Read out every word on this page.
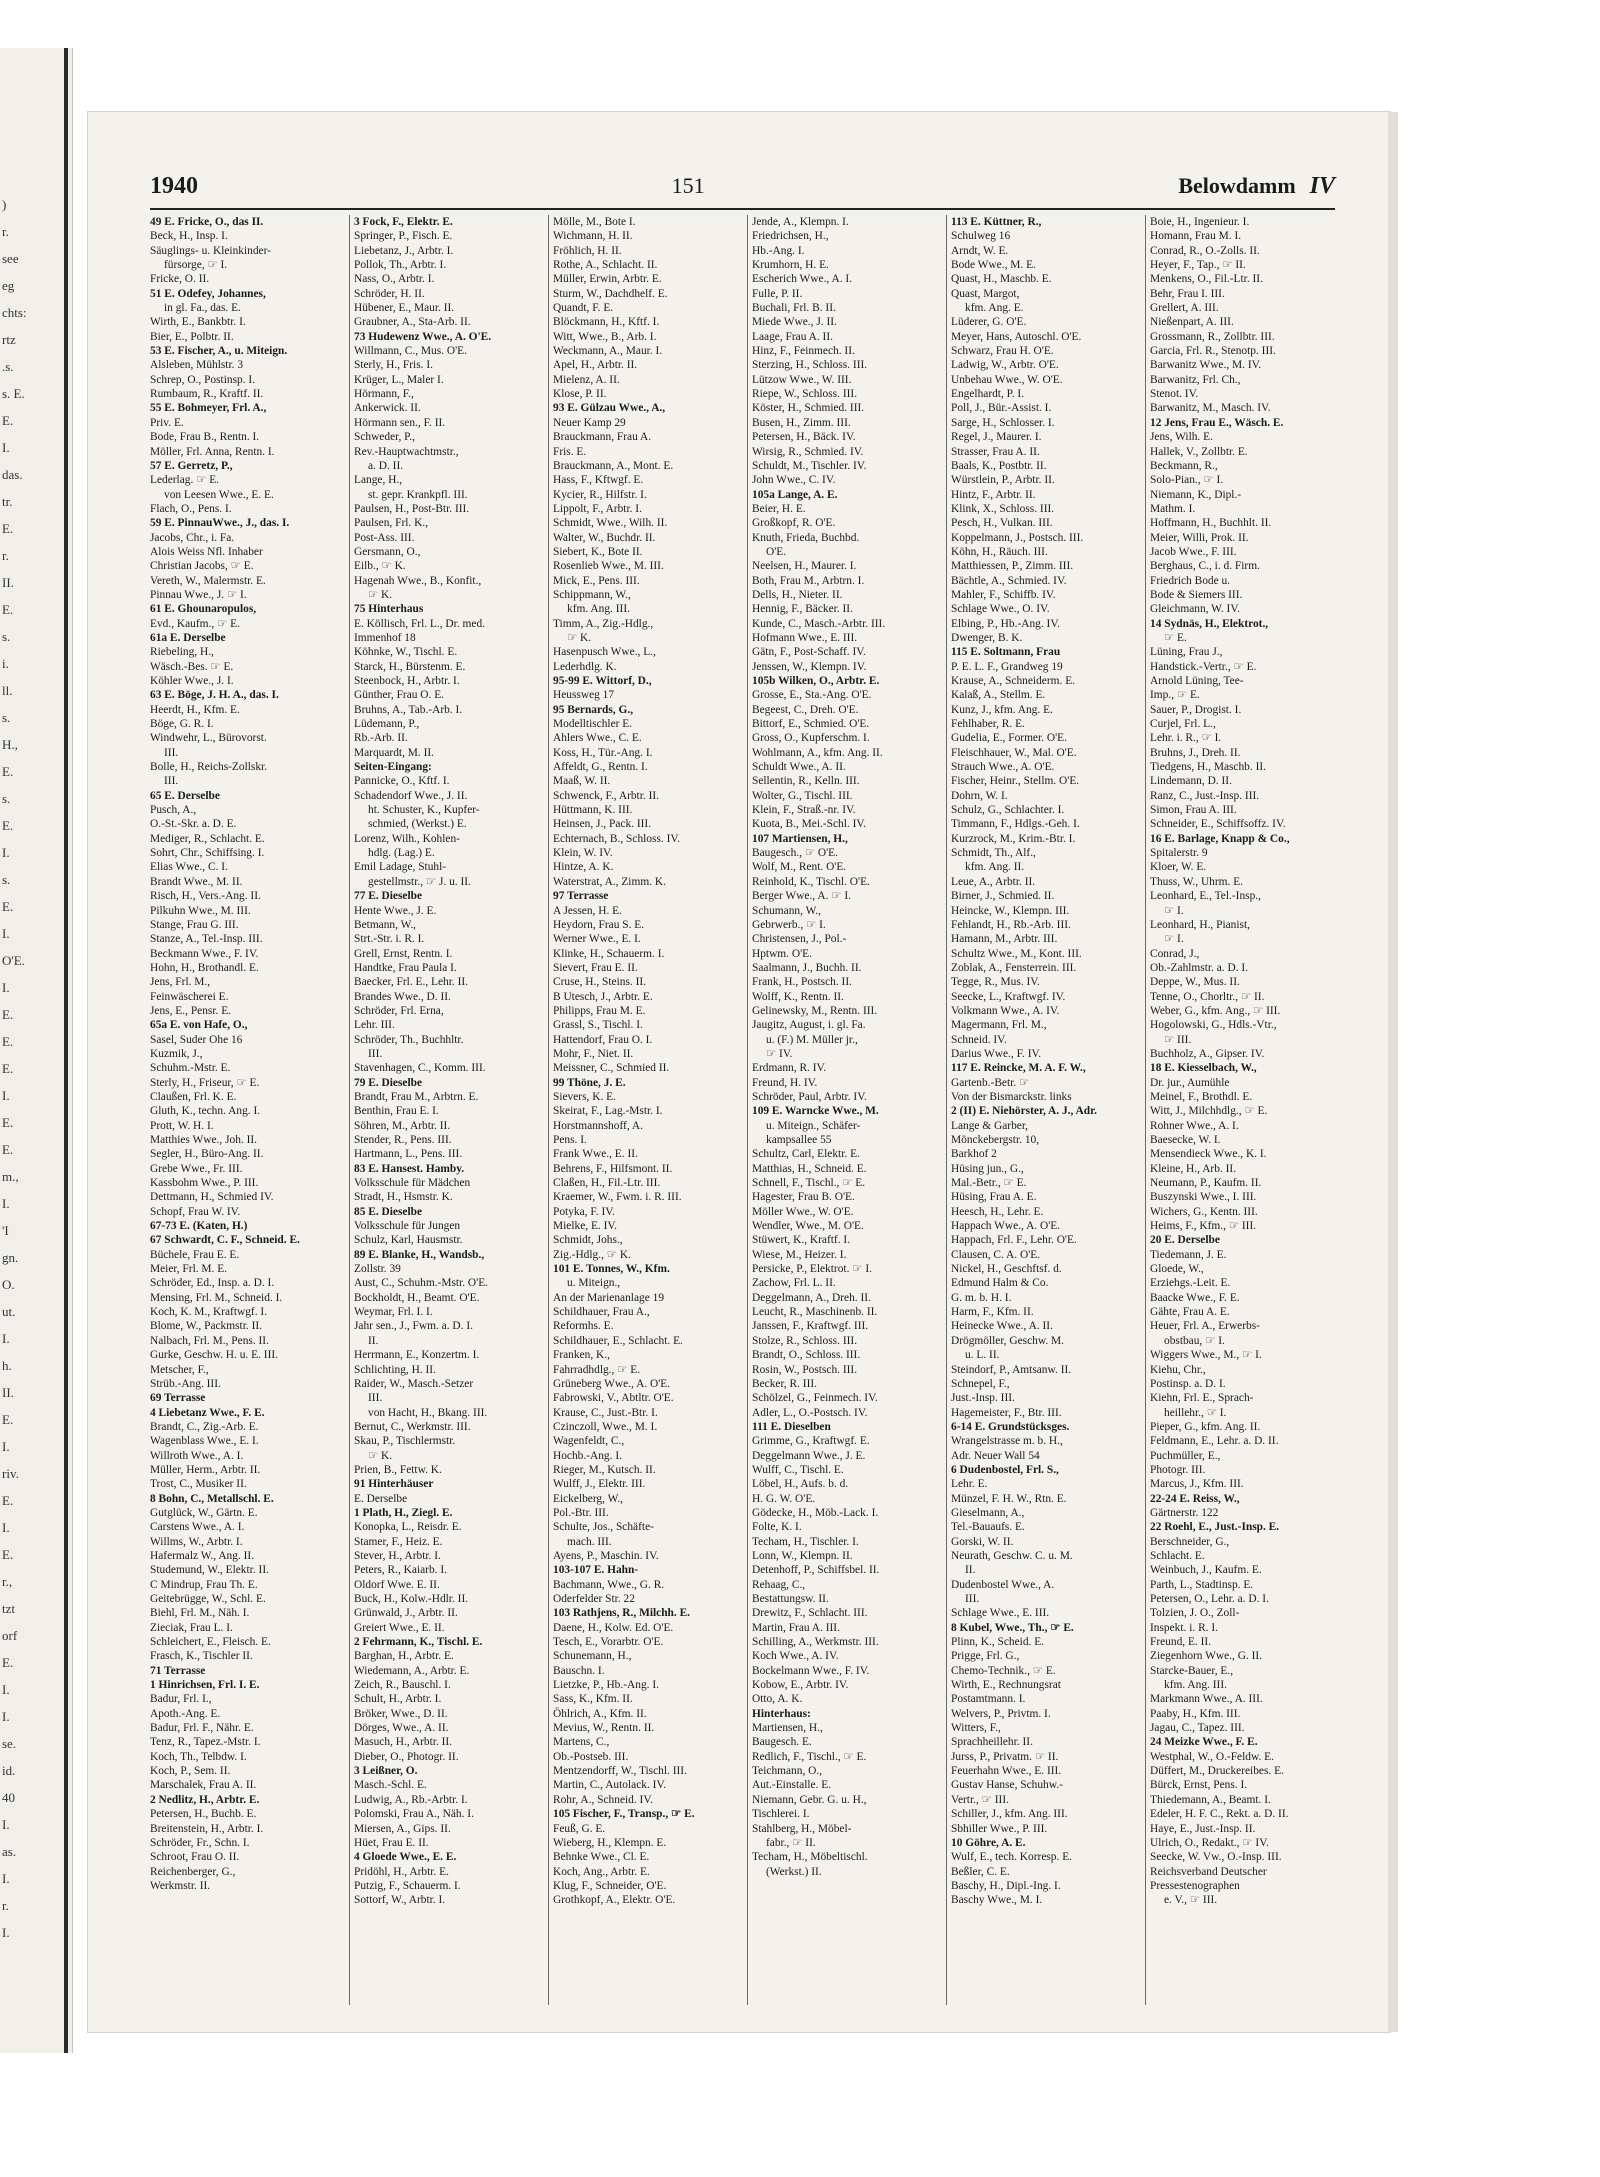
)
r.
see
eg
chts:
rtz
.s.
s. E.
E.
I.
das.
tr.
E.
r.
II.
E.
s.
i.
ll.
s.
H.,
E.
s.
E.
I.
s.
E.
I.
O'E.
I.
E.
E.
E.
I.
E.
E.
m.,
I.
'I
gn.
O.
ut.
I.
h.
II.
E.
I.
riv.
E.
I.
E.
r.,
tzt
orf
E.
I.
I.
se.
id.
40
I.
as.
I.
r.
I.
1940	151	Belowdamm IV
49 E. Fricke, O., das II.
Beck, H., Insp. I.
Säuglings- u. Kleinkinder-
fürsorge, ☞ I.
Fricke, O. II.
51 E. Odefey, Johannes,
in gl. Fa., das. E.
Wirth, E., Bankbtr. I.
Bier, E., Polbtr. II.
53 E. Fischer, A., u. Miteign.
Alsleben, Mühlstr. 3
Schrep, O., Postinsp. I.
Rumbaum, R., Kraftf. II.
55 E. Bohmeyer, Frl. A.,
Priv. E.
Bode, Frau B., Rentn. I.
Möller, Frl. Anna, Rentn. I.
57 E. Gerretz, P.,
Lederlag. ☞ E.
von Leesen Wwe., E. E.
Flach, O., Pens. I.
59 E. PinnauWwe., J., das. I.
Jacobs, Chr., i. Fa.
Alois Weiss Nfl. Inhaber
Christian Jacobs, ☞ E.
Vereth, W., Malermstr. E.
Pinnau Wwe., J. ☞ I.
61 E. Ghounaropulos,
Evd., Kaufm., ☞ E.
61a E. Derselbe
Riebeling, H.,
Wäsch.-Bes. ☞ E.
Köhler Wwe., J. I.
63 E. Böge, J. H. A., das. I.
Heerdt, H., Kfm. E.
Böge, G. R. I.
Windwehr, L., Bürovorst.
III.
Bolle, H., Reichs-Zollskr.
III.
65 E. Derselbe
Pusch, A.,
O.-St.-Skr. a. D. E.
Mediger, R., Schlacht. E.
Sohrt, Chr., Schiffsing. I.
Elias Wwe., C. I.
Brandt Wwe., M. II.
Risch, H., Vers.-Ang. II.
Pilkuhn Wwe., M. III.
Stange, Frau G. III.
Stanze, A., Tel.-Insp. III.
Beckmann Wwe., F. IV.
Hohn, H., Brothandl. E.
Jens, Frl. M.,
Feinwäscherei E.
Jens, E., Pensr. E.
65a E. von Hafe, O.,
Sasel, Suder Ohe 16
Kuzmik, J.,
Schuhm.-Mstr. E.
Sterly, H., Friseur, ☞ E.
Claußen, Frl. K. E.
Gluth, K., techn. Ang. I.
Prott, W. H. I.
Matthies Wwe., Joh. II.
Segler, H., Büro-Ang. II.
Grebe Wwe., Fr. III.
Kassbohm Wwe., P. III.
Dettmann, H., Schmied IV.
Schopf, Frau W. IV.
67-73 E. (Katen, H.)
67 Schwardt, C. F., Schneid. E.
Büchele, Frau E. E.
Meier, Frl. M. E.
Schröder, Ed., Insp. a. D. I.
Mensing, Frl. M., Schneid. I.
Koch, K. M., Kraftwgf. I.
Blome, W., Packmstr. II.
Nalbach, Frl. M., Pens. II.
Gurke, Geschw. H. u. E. III.
Metscher, F.,
Strüb.-Ang. III.
69 Terrasse
4 Liebetanz Wwe., F. E.
Brandt, C., Zig.-Arb. E.
Wagenblass Wwe., E. I.
Willroth Wwe., A. I.
Müller, Herm., Arbtr. II.
Trost, C., Musiker II.
8 Bohn, C., Metallschl. E.
Gutglück, W., Gärtn. E.
Carstens Wwe., A. I.
Willms, W., Arbtr. I.
Hafermalz W., Ang. II.
Studemund, W., Elektr. II.
C Mindrup, Frau Th. E.
Geitebrügge, W., Schl. E.
Biehl, Frl. M., Näh. I.
Zieciak, Frau L. I.
Schleichert, E., Fleisch. E.
Frasch, K., Tischler II.
71 Terrasse
1 Hinrichsen, Frl. I. E.
Badur, Frl. I.,
Apoth.-Ang. E.
Badur, Frl. F., Nähr. E.
Tenz, R., Tapez.-Mstr. I.
Koch, Th., Telbdw. I.
Koch, P., Sem. II.
Marschalek, Frau A. II.
2 Nedlitz, H., Arbtr. E.
Petersen, H., Buchb. E.
Breitenstein, H., Arbtr. I.
Schröder, Fr., Schn. I.
Schroot, Frau O. II.
Reichenberger, G.,
Werkmstr. II.
3 Fock, F., Elektr. E.
Springer, P., Fisch. E.
Liebetanz, J., Arbtr. I.
Pollok, Th., Arbtr. I.
Nass, O., Arbtr. I.
Schröder, H. II.
Hübener, E., Maur. II.
Graubner, A., Sta-Arb. II.
73 Hudewenz Wwe., A. O'E.
Willmann, C., Mus. O'E.
Sterly, H., Fris. I.
Krüger, L., Maler I.
Hörmann, F.,
Ankerwick. II.
Hörmann sen., F. II.
Schweder, P.,
Rev.-Hauptwachtmstr.,
a. D. II.
Lange, H.,
st. gepr. Krankpfl. III.
Paulsen, H., Post-Btr. III.
Paulsen, Frl. K.,
Post-Ass. III.
Gersmann, O.,
Eilb., ☞ K.
Hagenah Wwe., B., Konfit.,
☞ K.
75 Hinterhaus
E. Köllisch, Frl. L., Dr. med.
Immenhof 18
Köhnke, W., Tischl. E.
Starck, H., Bürstenm. E.
Steenbock, H., Arbtr. I.
Günther, Frau O. E.
Bruhns, A., Tab.-Arb. I.
Lüdemann, P.,
Rb.-Arb. II.
Marquardt, M. II.
Seiten-Eingang:
Pannicke, O., Kftf. I.
Schadendorf Wwe., J. II.
ht. Schuster, K., Kupfer-
schmied, (Werkst.) E.
Lorenz, Wilh., Kohlen-
hdlg. (Lag.) E.
Emil Ladage, Stuhl-
gestellmstr., ☞ J. u. II.
77 E. Dieselbe
Hente Wwe., J. E.
Betmann, W.,
Strt.-Str. i. R. I.
Grell, Ernst, Rentn. I.
Handtke, Frau Paula I.
Baecker, Frl. E., Lehr. II.
Brandes Wwe., D. II.
Schröder, Frl. Erna,
Lehr. III.
Schröder, Th., Buchhltr.
III.
Stavenhagen, C., Komm. III.
79 E. Dieselbe
Brandt, Frau M., Arbtrn. E.
Benthin, Frau E. I.
Söhren, M., Arbtr. II.
Stender, R., Pens. III.
Hartmann, L., Pens. III.
83 E. Hansest. Hamby.
Volksschule für Mädchen
Stradt, H., Hsmstr. K.
85 E. Dieselbe
Volksschule für Jungen
Schulz, Karl, Hausmstr.
89 E. Blanke, H., Wandsb.,
Zollstr. 39
Aust, C., Schuhm.-Mstr. O'E.
Bockholdt, H., Beamt. O'E.
Weymar, Frl. I. I.
Jahr sen., J., Fwm. a. D. I.
II.
Herrmann, E., Konzertm. I.
Schlichting, H. II.
Raider, W., Masch.-Setzer
III.
von Hacht, H., Bkang. III.
Bernut, C., Werkmstr. III.
Skau, P., Tischlermstr.
☞ K.
Prien, B., Fettw. K.
91 Hinterhäuser
E. Derselbe
1 Plath, H., Ziegl. E.
Konopka, L., Reisdr. E.
Stamer, F., Heiz. E.
Stever, H., Arbtr. I.
Peters, R., Kaiarb. I.
Oldorf Wwe. E. II.
Buck, H., Kolw.-Hdlr. II.
Grünwald, J., Arbtr. II.
Greiert Wwe., E. II.
2 Fehrmann, K., Tischl. E.
Barghan, H., Arbtr. E.
Wiedemann, A., Arbtr. E.
Zeich, R., Bauschl. I.
Schult, H., Arbtr. I.
Bröker, Wwe., D. II.
Dörges, Wwe., A. II.
Masuch, H., Arbtr. II.
Dieber, O., Photogr. II.
3 Leißner, O.
Masch.-Schl. E.
Ludwig, A., Rb.-Arbtr. I.
Polomski, Frau A., Näh. I.
Miersen, A., Gips. II.
Hüet, Frau E. II.
4 Gloede Wwe., E. E.
Pridöhl, H., Arbtr. E.
Putzig, F., Schauerm. I.
Sottorf, W., Arbtr. I.
Mölle, M., Bote I.
Wichmann, H. II.
Fröhlich, H. II.
Rothe, A., Schlacht. II.
Müller, Erwin, Arbtr. E.
Sturm, W., Dachdhelf. E.
Quandt, F. E.
Blöckmann, H., Kftf. I.
Witt, Wwe., B., Arb. I.
Weckmann, A., Maur. I.
Apel, H., Arbtr. II.
Mielenz, A. II.
Klose, P. II.
93 E. Gülzau Wwe., A.,
Neuer Kamp 29
Brauckmann, Frau A.
Fris. E.
Brauckmann, A., Mont. E.
Hass, F., Kftwgf. E.
Kycier, R., Hilfstr. I.
Lippolt, F., Arbtr. I.
Schmidt, Wwe., Wilh. II.
Walter, W., Buchdr. II.
Siebert, K., Bote II.
Rosenlieb Wwe., M. III.
Mick, E., Pens. III.
Schippmann, W.,
kfm. Ang. III.
Timm, A., Zig.-Hdlg.,
☞ K.
Hasenpusch Wwe., L.,
Lederhdlg. K.
95-99 E. Wittorf, D.,
Heussweg 17
95 Bernards, G.,
Modelltischler E.
Ahlers Wwe., C. E.
Koss, H., Tür.-Ang. I.
Affeldt, G., Rentn. I.
Maaß, W. II.
Schwenck, F., Arbtr. II.
Hüttmann, K. III.
Heinsen, J., Pack. III.
Echternach, B., Schloss. IV.
Klein, W. IV.
Hintze, A. K.
Waterstrat, A., Zimm. K.
97 Terrasse
A Jessen, H. E.
Heydorn, Frau S. E.
Werner Wwe., E. I.
Klinke, H., Schauerm. I.
Sievert, Frau E. II.
Cruse, H., Steins. II.
B Utesch, J., Arbtr. E.
Philipps, Frau M. E.
Grassl, S., Tischl. I.
Hattendorf, Frau O. I.
Mohr, F., Niet. II.
Meissner, C., Schmied II.
99 Thöne, J. E.
Sievers, K. E.
Skeirat, F., Lag.-Mstr. I.
Horstmannshoff, A.
Pens. I.
Frank Wwe., E. II.
Behrens, F., Hilfsmont. II.
Claßen, H., Fil.-Ltr. III.
Kraemer, W., Fwm. i. R. III.
Potyka, F. IV.
Mielke, E. IV.
Schmidt, Johs.,
Zig.-Hdlg., ☞ K.
101 E. Tonnes, W., Kfm.
u. Miteign.,
An der Marienanlage 19
Schildhauer, Frau A.,
Reformhs. E.
Schildhauer, E., Schlacht. E.
Franken, K.,
Fahrradhdlg., ☞ E.
Grüneberg Wwe., A. O'E.
Fabrowski, V., Abtltr. O'E.
Krause, C., Just.-Btr. I.
Czinczoll, Wwe., M. I.
Wagenfeldt, C.,
Hochb.-Ang. I.
Rieger, M., Kutsch. II.
Wulff, J., Elektr. III.
Eickelberg, W.,
Pol.-Btr. III.
Schulte, Jos., Schäfte-
mach. III.
Ayens, P., Maschin. IV.
103-107 E. Hahn-
Bachmann, Wwe., G. R.
Oderfelder Str. 22
103 Rathjens, R., Milchh. E.
Daene, H., Kolw. Ed. O'E.
Tesch, E., Vorarbtr. O'E.
Schunemann, H.,
Bauschn. I.
Lietzke, P., Hb.-Ang. I.
Sass, K., Kfm. II.
Öhlrich, A., Kfm. II.
Mevius, W., Rentn. II.
Martens, C.,
Ob.-Postseb. III.
Mentzendorff, W., Tischl. III.
Martin, C., Autolack. IV.
Rohr, A., Schneid. IV.
105 Fischer, F., Transp., ☞ E.
Feuß, G. E.
Wieberg, H., Klempn. E.
Behnke Wwe., Cl. E.
Koch, Ang., Arbtr. E.
Klug, F., Schneider, O'E.
Grothkopf, A., Elektr. O'E.
Jende, A., Klempn. I.
Friedrichsen, H.,
Hb.-Ang. I.
Krumhorn, H. E.
Escherich Wwe., A. I.
Fulle, P. II.
Buchali, Frl. B. II.
Miede Wwe., J. II.
Laage, Frau A. II.
Hinz, F., Feinmech. II.
Sterzing, H., Schloss. III.
Lützow Wwe., W. III.
Riepe, W., Schloss. III.
Köster, H., Schmied. III.
Busen, H., Zimm. III.
Petersen, H., Bäck. IV.
Wirsig, R., Schmied. IV.
Schuldt, M., Tischler. IV.
John Wwe., C. IV.
105a Lange, A. E.
Beier, H. E.
Großkopf, R. O'E.
Knuth, Frieda, Buchbd.
O'E.
Neelsen, H., Maurer. I.
Both, Frau M., Arbtrn. I.
Dells, H., Nieter. II.
Hennig, F., Bäcker. II.
Kunde, C., Masch.-Arbtr. III.
Hofmann Wwe., E. III.
Gätn, F., Post-Schaff. IV.
Jenssen, W., Klempn. IV.
105b Wilken, O., Arbtr. E.
Grosse, E., Sta.-Ang. O'E.
Begeest, C., Dreh. O'E.
Bittorf, E., Schmied. O'E.
Gross, O., Kupferschm. I.
Wohlmann, A., kfm. Ang. II.
Schuldt Wwe., A. II.
Sellentin, R., Kelln. III.
Wolter, G., Tischl. III.
Klein, F., Straß.-nr. IV.
Kuota, B., Mei.-Schl. IV.
107 Martiensen, H.,
Baugesch., ☞ O'E.
Wolf, M., Rent. O'E.
Reinhold, K., Tischl. O'E.
Berger Wwe., A. ☞ I.
Schumann, W.,
Gebrwerb., ☞ I.
Christensen, J., Pol.-
Hptwm. O'E.
Saalmann, J., Buchh. II.
Frank, H., Postsch. II.
Wolff, K., Rentn. II.
Gelinewsky, M., Rentn. III.
Jaugitz, August, i. gl. Fa.
u. (F.) M. Müller jr.,
☞ IV.
Erdmann, R. IV.
Freund, H. IV.
Schröder, Paul, Arbtr. IV.
109 E. Warncke Wwe., M.
u. Miteign., Schäfer-
kampsallee 55
Schultz, Carl, Elektr. E.
Matthias, H., Schneid. E.
Schnell, F., Tischl., ☞ E.
Hagester, Frau B. O'E.
Möller Wwe., W. O'E.
Wendler, Wwe., M. O'E.
Stüwert, K., Kraftf. I.
Wiese, M., Heizer. I.
Persicke, P., Elektrot. ☞ I.
Zachow, Frl. L. II.
Deggelmann, A., Dreh. II.
Leucht, R., Maschinenb. II.
Janssen, F., Kraftwgf. III.
Stolze, R., Schloss. III.
Brandt, O., Schloss. III.
Rosin, W., Postsch. III.
Becker, R. III.
Schölzel, G., Feinmech. IV.
Adler, L., O.-Postsch. IV.
111 E. Dieselben
Grimme, G., Kraftwgf. E.
Deggelmann Wwe., J. E.
Wulff, C., Tischl. E.
Löbel, H., Aufs. b. d.
H. G. W. O'E.
Gödecke, H., Möb.-Lack. I.
Folte, K. I.
Techam, H., Tischler. I.
Lonn, W., Klempn. II.
Detenhoff, P., Schiffsbel. II.
Rehaag, C.,
Bestattungsw. II.
Drewitz, F., Schlacht. III.
Martin, Frau A. III.
Schilling, A., Werkmstr. III.
Koch Wwe., A. IV.
Bockelmann Wwe., F. IV.
Kobow, E., Arbtr. IV.
Otto, A. K.
Hinterhaus:
Martiensen, H.,
Baugesch. E.
Redlich, F., Tischl., ☞ E.
Teichmann, O.,
Aut.-Einstalle. E.
Niemann, Gebr. G. u. H.,
Tischlerei. I.
Stahlberg, H., Möbel-
fabr., ☞ II.
Techam, H., Möbeltischl.
(Werkst.) II.
113 E. Küttner, R.,
Schulweg 16
Arndt, W. E.
Bode Wwe., M. E.
Quast, H., Maschb. E.
Quast, Margot,
kfm. Ang. E.
Lüderer, G. O'E.
Meyer, Hans, Autoschl. O'E.
Schwarz, Frau H. O'E.
Ladwig, W., Arbtr. O'E.
Unbehau Wwe., W. O'E.
Engelhardt, P. I.
Poll, J., Bür.-Assist. I.
Sarge, H., Schlosser. I.
Regel, J., Maurer. I.
Strasser, Frau A. II.
Baals, K., Postbtr. II.
Würstlein, P., Arbtr. II.
Hintz, F., Arbtr. II.
Klink, X., Schloss. III.
Pesch, H., Vulkan. III.
Koppelmann, J., Postsch. III.
Köhn, H., Räuch. III.
Matthiessen, P., Zimm. III.
Bächtle, A., Schmied. IV.
Mahler, F., Schiffb. IV.
Schlage Wwe., O. IV.
Elbing, P., Hb.-Ang. IV.
Dwenger, B. K.
115 E. Soltmann, Frau
P. E. L. F., Grandweg 19
Krause, A., Schneiderm. E.
Kalaß, A., Stellm. E.
Kunz, J., kfm. Ang. E.
Fehlhaber, R. E.
Gudelia, E., Former. O'E.
Fleischhauer, W., Mal. O'E.
Strauch Wwe., A. O'E.
Fischer, Heinr., Stellm. O'E.
Dohrn, W. I.
Schulz, G., Schlachter. I.
Timmann, F., Hdlgs.-Geh. I.
Kurzrock, M., Krim.-Btr. I.
Schmidt, Th., Alf.,
kfm. Ang. II.
Leue, A., Arbtr. II.
Birner, J., Schmied. II.
Heincke, W., Klempn. III.
Fehlandt, H., Rb.-Arb. III.
Hamann, M., Arbtr. III.
Schultz Wwe., M., Kont. III.
Zoblak, A., Fensterrein. III.
Tegge, R., Mus. IV.
Seecke, L., Kraftwgf. IV.
Volkmann Wwe., A. IV.
Magermann, Frl. M.,
Schneid. IV.
Darius Wwe., F. IV.
117 E. Reincke, M. A. F. W.,
Gartenb.-Betr. ☞
Von der Bismarckstr. links
2 (II) E. Niehörster, A. J., Adr.
Lange & Garber,
Mönckebergstr. 10,
Barkhof 2
Hüsing jun., G.,
Mal.-Betr., ☞ E.
Hüsing, Frau A. E.
Heesch, H., Lehr. E.
Happach Wwe., A. O'E.
Happach, Frl. F., Lehr. O'E.
Clausen, C. A. O'E.
Nickel, H., Geschftsf. d.
Edmund Halm & Co.
G. m. b. H. I.
Harm, F., Kfm. II.
Heinecke Wwe., A. II.
Drögmöller, Geschw. M.
u. L. II.
Steindorf, P., Amtsanw. II.
Schnepel, F.,
Just.-Insp. III.
Hagemeister, F., Btr. III.
6-14 E. Grundstücksges.
Wrangelstrasse m. b. H.,
Adr. Neuer Wall 54
6 Dudenbostel, Frl. S.,
Lehr. E.
Münzel, F. H. W., Rtn. E.
Gieselmann, A.,
Tel.-Bauaufs. E.
Gorski, W. II.
Neurath, Geschw. C. u. M.
II.
Dudenbostel Wwe., A.
III.
Schlage Wwe., E. III.
8 Kubel, Wwe., Th., ☞ E.
Plinn, K., Scheid. E.
Prigge, Frl. G.,
Chemo-Technik., ☞ E.
Wirth, E., Rechnungsrat
Postamtmann. I.
Welvers, P., Privtm. I.
Witters, F.,
Sprachheillehr. II.
Jurss, P., Privatm. ☞ II.
Feuerhahn Wwe., E. III.
Gustav Hanse, Schuhw.-
Vertr., ☞ III.
Schiller, J., kfm. Ang. III.
Sbhiller Wwe., P. III.
10 Göhre, A. E.
Wulf, E., tech. Korresp. E.
Beßler, C. E.
Baschy, H., Dipl.-Ing. I.
Baschy Wwe., M. I.
Boie, H., Ingenieur. I.
Homann, Frau M. I.
Conrad, R., O.-Zolls. II.
Heyer, F., Tap., ☞ II.
Menkens, O., Fil.-Ltr. II.
Behr, Frau I. III.
Grellert, A. III.
Nießenpart, A. III.
Grossmann, R., Zollbtr. III.
Garcia, Frl. R., Stenotp. III.
Barwanitz Wwe., M. IV.
Barwanitz, Frl. Ch.,
Stenot. IV.
Barwanitz, M., Masch. IV.
12 Jens, Frau E., Wäsch. E.
Jens, Wilh. E.
Hallek, V., Zollbtr. E.
Beckmann, R.,
Solo-Pian., ☞ I.
Niemann, K., Dipl.-
Mathm. I.
Hoffmann, H., Buchhlt. II.
Meier, Willi, Prok. II.
Jacob Wwe., F. III.
Berghaus, C., i. d. Firm.
Friedrich Bode u.
Bode & Siemers III.
Gleichmann, W. IV.
14 Sydnäs, H., Elektrot.,
☞ E.
Lüning, Frau J.,
Handstick.-Vertr., ☞ E.
Arnold Lüning, Tee-
Imp., ☞ E.
Sauer, P., Drogist. I.
Curjel, Frl. L.,
Lehr. i. R., ☞ I.
Bruhns, J., Dreh. II.
Tiedgens, H., Maschb. II.
Lindemann, D. II.
Ranz, C., Just.-Insp. III.
Simon, Frau A. III.
Schneider, E., Schiffsoffz. IV.
16 E. Barlage, Knapp & Co.,
Spitalerstr. 9
Kloer, W. E.
Thuss, W., Uhrm. E.
Leonhard, E., Tel.-Insp.,
☞ I.
Leonhard, H., Pianist,
☞ I.
Conrad, J.,
Ob.-Zahlmstr. a. D. I.
Deppe, W., Mus. II.
Tenne, O., Chorltr., ☞ II.
Weber, G., kfm. Ang., ☞ III.
Hogolowski, G., Hdls.-Vtr.,
☞ III.
Buchholz, A., Gipser. IV.
18 E. Kiesselbach, W.,
Dr. jur., Aumühle
Meinel, F., Brothdl. E.
Witt, J., Milchhdlg., ☞ E.
Rohner Wwe., A. I.
Baesecke, W. I.
Mensendieck Wwe., K. I.
Kleine, H., Arb. II.
Neumann, P., Kaufm. II.
Buszynski Wwe., I. III.
Wichers, G., Kentn. III.
Heims, F., Kfm., ☞ III.
20 E. Derselbe
Tiedemann, J. E.
Gloede, W.,
Erziehgs.-Leit. E.
Baacke Wwe., F. E.
Gähte, Frau A. E.
Heuer, Frl. A., Erwerbs-
obstbau, ☞ I.
Wiggers Wwe., M., ☞ I.
Kiehu, Chr.,
Postinsp. a. D. I.
Kiehn, Frl. E., Sprach-
heillehr., ☞ I.
Pieper, G., kfm. Ang. II.
Feldmann, E., Lehr. a. D. II.
Puchmüller, E.,
Photogr. III.
Marcus, J., Kfm. III.
22-24 E. Reiss, W.,
Gärtnerstr. 122
22 Roehl, E., Just.-Insp. E.
Berschneider, G.,
Schlacht. E.
Weinbuch, J., Kaufm. E.
Parth, L., Stadtinsp. E.
Petersen, O., Lehr. a. D. I.
Tolzien, J. O., Zoll-
Inspekt. i. R. I.
Freund, E. II.
Ziegenhorn Wwe., G. II.
Starcke-Bauer, E.,
kfm. Ang. III.
Markmann Wwe., A. III.
Paaby, H., Kfm. III.
Jagau, C., Tapez. III.
24 Meizke Wwe., F. E.
Westphal, W., O.-Feldw. E.
Düffert, M., Druckereibes. E.
Bürck, Ernst, Pens. I.
Thiedemann, A., Beamt. I.
Edeler, H. F. C., Rekt. a. D. II.
Haye, E., Just.-Insp. II.
Ulrich, O., Redakt., ☞ IV.
Seecke, W. Vw., O.-Insp. III.
Reichsverband Deutscher
Pressestenographen
e. V., ☞ III.
